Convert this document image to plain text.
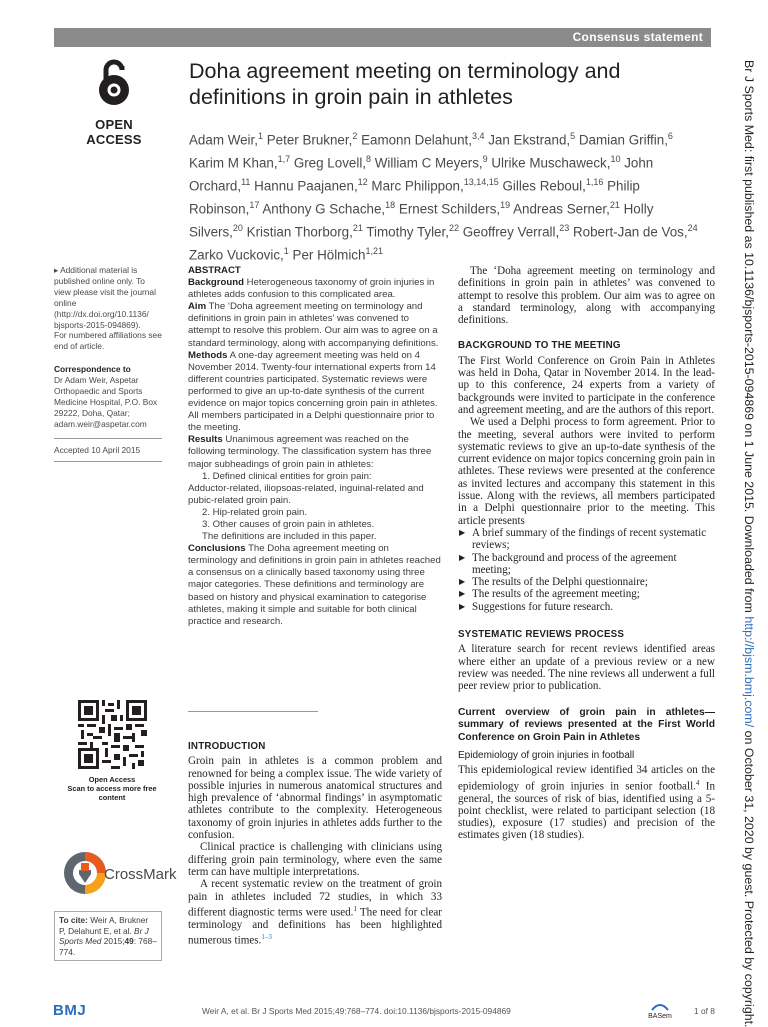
Consensus statement
OPEN ACCESS
Doha agreement meeting on terminology and definitions in groin pain in athletes
Adam Weir,$^1$ Peter Brukner,$^2$ Eamonn Delahunt,$^{3,4}$ Jan Ekstrand,$^5$ Damian Griffin,$^6$ Karim M Khan,$^{1,7}$ Greg Lovell,$^8$ William C Meyers,$^9$ Ulrike Muschaweck,$^{10}$ John Orchard,$^{11}$ Hannu Paajanen,$^{12}$ Marc Philippon,$^{13,14,15}$ Gilles Reboul,$^{1,16}$ Philip Robinson,$^{17}$ Anthony G Schache,$^{18}$ Ernest Schilders,$^{19}$ Andreas Serner,$^{21}$ Holly Silvers,$^{20}$ Kristian Thorborg,$^{21}$ Timothy Tyler,$^{22}$ Geoffrey Verrall,$^{23}$ Robert-Jan de Vos,$^{24}$ Zarko Vuckovic,$^1$ Per Hölmich$^{1,21}$
▸ Additional material is published online only. To view please visit the journal online (http://dx.doi.org/10.1136/ bjsports-2015-094869).
For numbered affiliations see end of article.
Correspondence to
Dr Adam Weir, Aspetar Orthopaedic and Sports Medicine Hospital, P.O. Box 29222, Doha, Qatar; adam.weir@aspetar.com
Accepted 10 April 2015

ABSTRACT

Background Heterogeneous taxonomy of groin injuries in athletes adds confusion to this complicated area.

Aim The ‘Doha agreement meeting on terminology and definitions in groin pain in athletes’ was convened to attempt to resolve this problem. Our aim was to agree on a standard terminology, along with accompanying definitions.

Methods A one-day agreement meeting was held on 4 November 2014. Twenty-four international experts from 14 different countries participated. Systematic reviews were performed to give an up-to-date synthesis of the current evidence on major topics concerning groin pain in athletes. All members participated in a Delphi questionnaire prior to the meeting.

Results Unanimous agreement was reached on the following terminology. The classification system has three major subheadings of groin pain in athletes:

1. Defined clinical entities for groin pain:

Adductor-related, iliopsoas-related, inguinal-related and pubic-related groin pain.

2. Hip-related groin pain.

3. Other causes of groin pain in athletes.

The definitions are included in this paper.

Conclusions The Doha agreement meeting on terminology and definitions in groin pain in athletes reached a consensus on a clinically based taxonomy using three major categories. These definitions and terminology are based on history and physical examination to categorise athletes, making it simple and suitable for both clinical practice and research.

Open Access
Scan to access more free content
CrossMark
To cite: Weir A, Brukner P, Delahunt E, et al. Br J Sports Med 2015;49: 768–774.
INTRODUCTION

Groin pain in athletes is a common problem and renowned for being a complex issue. The wide variety of possible injuries in numerous anatomical structures and high prevalence of ‘abnormal findings’ in asymptomatic athletes contribute to the complexity. Heterogeneous taxonomy of groin injuries in athletes adds further to the confusion.

Clinical practice is challenging with clinicians using differing groin pain terminology, where even the same term can have multiple interpretations.

A recent systematic review on the treatment of groin pain in athletes included 72 studies, in which 33 different diagnostic terms were used.$^1$ The need for clear terminology and definitions has been highlighted numerous times.$^{1-3}$

The ‘Doha agreement meeting on terminology and definitions in groin pain in athletes’ was convened to attempt to resolve this problem. Our aim was to agree on a standard terminology, along with accompanying definitions.

BACKGROUND TO THE MEETING

The First World Conference on Groin Pain in Athletes was held in Doha, Qatar in November 2014. In the lead-up to this conference, 24 experts from a variety of backgrounds were invited to participate in the conference and agreement meeting, and are the authors of this report.

We used a Delphi process to form agreement. Prior to the meeting, several authors were invited to perform systematic reviews to give an up-to-date synthesis of the current evidence on major topics concerning groin pain in athletes. These reviews were presented at the conference as invited lectures and accompany this statement in this issue. Along with the reviews, all members participated in a Delphi questionnaire prior to the meeting. This article presents

▶ A brief summary of the findings of recent systematic reviews;
▶ The background and process of the agreement meeting;
▶ The results of the Delphi questionnaire;
▶ The results of the agreement meeting;
▶ Suggestions for future research.
SYSTEMATIC REVIEWS PROCESS

A literature search for recent reviews identified areas where either an update of a previous review or a new review was needed. The nine reviews all underwent a full peer review prior to publication.

Current overview of groin pain in athletes—summary of reviews presented at the First World Conference on Groin Pain in Athletes
Epidemiology of groin injuries in football

This epidemiological review identified 34 articles on the epidemiology of groin injuries in senior football.$^4$ In general, the sources of risk of bias, identified using a 5-point checklist, were related to participant selection (18 studies), exposure (17 studies) and precision of the estimates given (18 studies).

BMJ	Weir A, et al. Br J Sports Med 2015;49:768–774. doi:10.1136/bjsports-2015-094869
BASem
1 of 8
Br J Sports Med: first published as 10.1136/bjsports-2015-094869 on 1 June 2015. Downloaded from http://bjsm.bmj.com/ on October 31, 2020 by guest. Protected by copyright.
